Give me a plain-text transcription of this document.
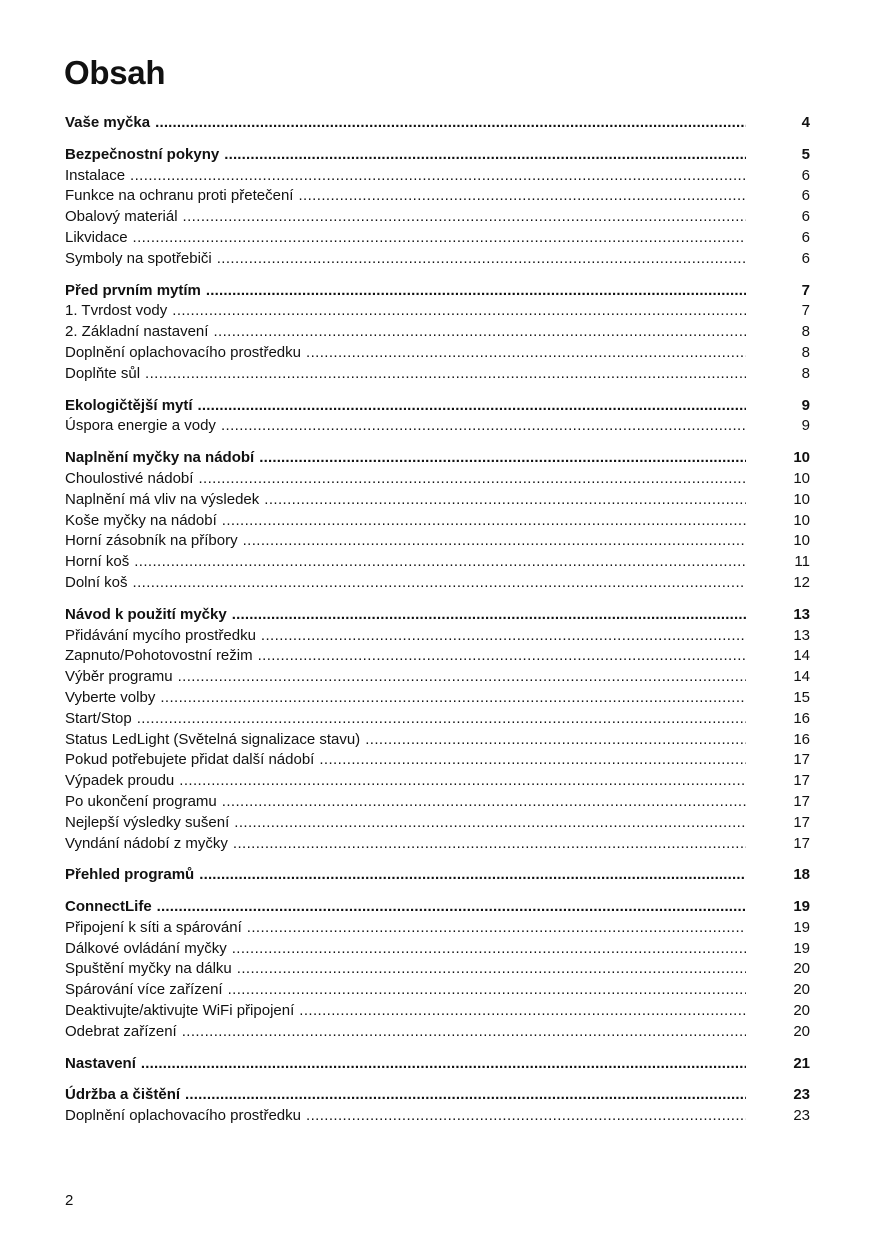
Obsah
Vaše myčka .....	4
Bezpečnostní pokyny .....	5
Instalace .....	6
Funkce na ochranu proti přetečení .....	6
Obalový materiál .....	6
Likvidace .....	6
Symboly na spotřebiči .....	6
Před prvním mytím .....	7
1. Tvrdost vody .....	7
2. Základní nastavení .....	8
Doplnění oplachovacího prostředku .....	8
Doplňte sůl .....	8
Ekologičtější mytí .....	9
Úspora energie a vody .....	9
Naplnění myčky na nádobí .....	10
Choulostivé nádobí .....	10
Naplnění má vliv na výsledek .....	10
Koše myčky na nádobí .....	10
Horní zásobník na příbory .....	10
Horní koš .....	11
Dolní koš .....	12
Návod k použití myčky .....	13
Přidávání mycího prostředku .....	13
Zapnuto/Pohotovostní režim .....	14
Výběr programu .....	14
Vyberte volby .....	15
Start/Stop .....	16
Status LedLight (Světelná signalizace stavu) .....	16
Pokud potřebujete přidat další nádobí .....	17
Výpadek proudu .....	17
Po ukončení programu .....	17
Nejlepší výsledky sušení .....	17
Vyndání nádobí z myčky .....	17
Přehled programů .....	18
ConnectLife .....	19
Připojení k síti a spárování .....	19
Dálkové ovládání myčky .....	19
Spuštění myčky na dálku .....	20
Spárování více zařízení .....	20
Deaktivujte/aktivujte WiFi připojení .....	20
Odebrat zařízení .....	20
Nastavení .....	21
Údržba a čištění .....	23
Doplnění oplachovacího prostředku .....	23
2
